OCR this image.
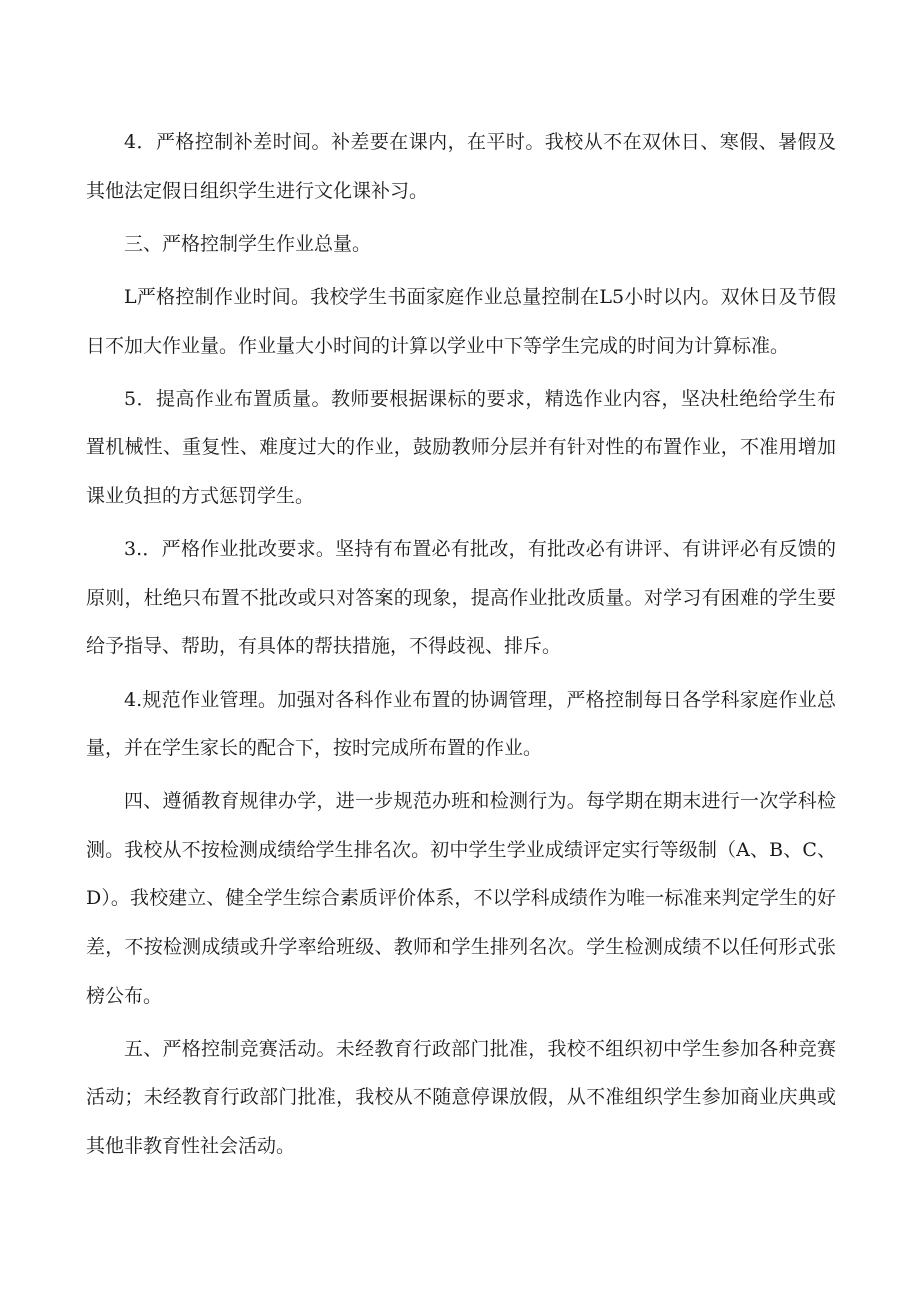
4．严格控制补差时间。补差要在课内，在平时。我校从不在双休日、寒假、暑假及其他法定假日组织学生进行文化课补习。

三、严格控制学生作业总量。

L严格控制作业时间。我校学生书面家庭作业总量控制在L5小时以内。双休日及节假日不加大作业量。作业量大小时间的计算以学业中下等学生完成的时间为计算标准。

5．提高作业布置质量。教师要根据课标的要求，精选作业内容，坚决杜绝给学生布置机械性、重复性、难度过大的作业，鼓励教师分层并有针对性的布置作业，不准用增加课业负担的方式惩罚学生。

3.．严格作业批改要求。坚持有布置必有批改，有批改必有讲评、有讲评必有反馈的原则，杜绝只布置不批改或只对答案的现象，提高作业批改质量。对学习有困难的学生要给予指导、帮助，有具体的帮扶措施，不得歧视、排斥。

4.规范作业管理。加强对各科作业布置的协调管理，严格控制每日各学科家庭作业总量，并在学生家长的配合下，按时完成所布置的作业。

四、遵循教育规律办学，进一步规范办班和检测行为。每学期在期末进行一次学科检测。我校从不按检测成绩给学生排名次。初中学生学业成绩评定实行等级制（A、B、C、D）。我校建立、健全学生综合素质评价体系，不以学科成绩作为唯一标准来判定学生的好差，不按检测成绩或升学率给班级、教师和学生排列名次。学生检测成绩不以任何形式张榜公布。

五、严格控制竞赛活动。未经教育行政部门批准，我校不组织初中学生参加各种竞赛活动；未经教育行政部门批准，我校从不随意停课放假，从不准组织学生参加商业庆典或其他非教育性社会活动。
